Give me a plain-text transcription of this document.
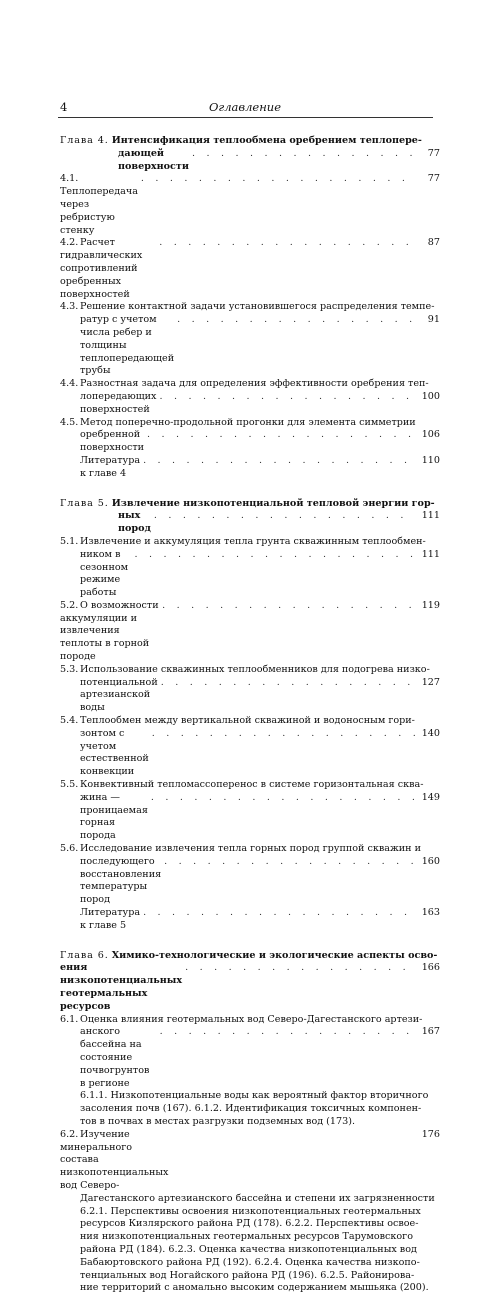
4	Оглавление
Глава 4. Интенсификация теплообмена оребрением теплопере-
дающей поверхности
. . .
77
4.1.Теплопередача через ребристую стенку
. . .
77
4.2. Расчет гидравлических сопротивлений оребренных поверхностей
. . .
87
4.3. Решение контактной задачи установившегося распределения темпе-
ратур с учетом числа ребер и толщины теплопередающей трубы
. . .
91
4.4. Разностная задача для определения эффективности оребрения теп-
лопередающих поверхностей
. . .
100
4.5. Метод поперечно-продольной прогонки для элемента симметрии
оребренной поверхности
. . .
106
Литература к главе 4
. . .
110
Глава 5. Извлечение низкопотенциальной тепловой энергии гор-
ных пород
. . .
111
5.1. Извлечение и аккумуляция тепла грунта скважинным теплообмен-
ником в сезонном режиме работы
. . .
111
5.2. О возможности аккумуляции и извлечения теплоты в горной породе
. . .
119
5.3. Использование скважинных теплообменников для подогрева низко-
потенциальной артезианской воды
. . .
127
5.4. Теплообмен между вертикальной скважиной и водоносным гори-
зонтом с учетом естественной конвекции
. . .
140
5.5. Конвективный тепломассоперенос в системе горизонтальная сква-
жина — проницаемая горная порода
. . .
149
5.6. Исследование извлечения тепла горных пород группой скважин и
последующего восстановления температуры пород
. . .
160
Литература к главе 5
. . .
163
Глава 6. Химико-технологические и экологические аспекты осво-
ения низкопотенциальных геотермальных ресурсов
. . .
166
6.1. Оценка влияния геотермальных вод Северо-Дагестанского артези-
анского бассейна на состояние почвогрунтов в регионе
. . .
167
6.1.1. Низкопотенциальные воды как вероятный фактор вторичного
засоления почв (167). 6.1.2. Идентификация токсичных компонен-
тов в почвах в местах разгрузки подземных вод (173).
6.2. Изучение минерального состава низкопотенциальных вод Северо-
176
Дагестанского артезианского бассейна и степени их загрязненности
6.2.1. Перспективы освоения низкопотенциальных геотермальных
ресурсов Кизлярского района РД (178). 6.2.2. Перспективы освое-
ния низкопотенциальных геотермальных ресурсов Тарумовского
района РД (184). 6.2.3. Оценка качества низкопотенциальных вод
Бабаюртовского района РД (192). 6.2.4. Оценка качества низкопо-
тенциальных вод Ногайского района РД (196). 6.2.5. Районирова-
ние территорий с аномально высоким содержанием мышьяка (200).
